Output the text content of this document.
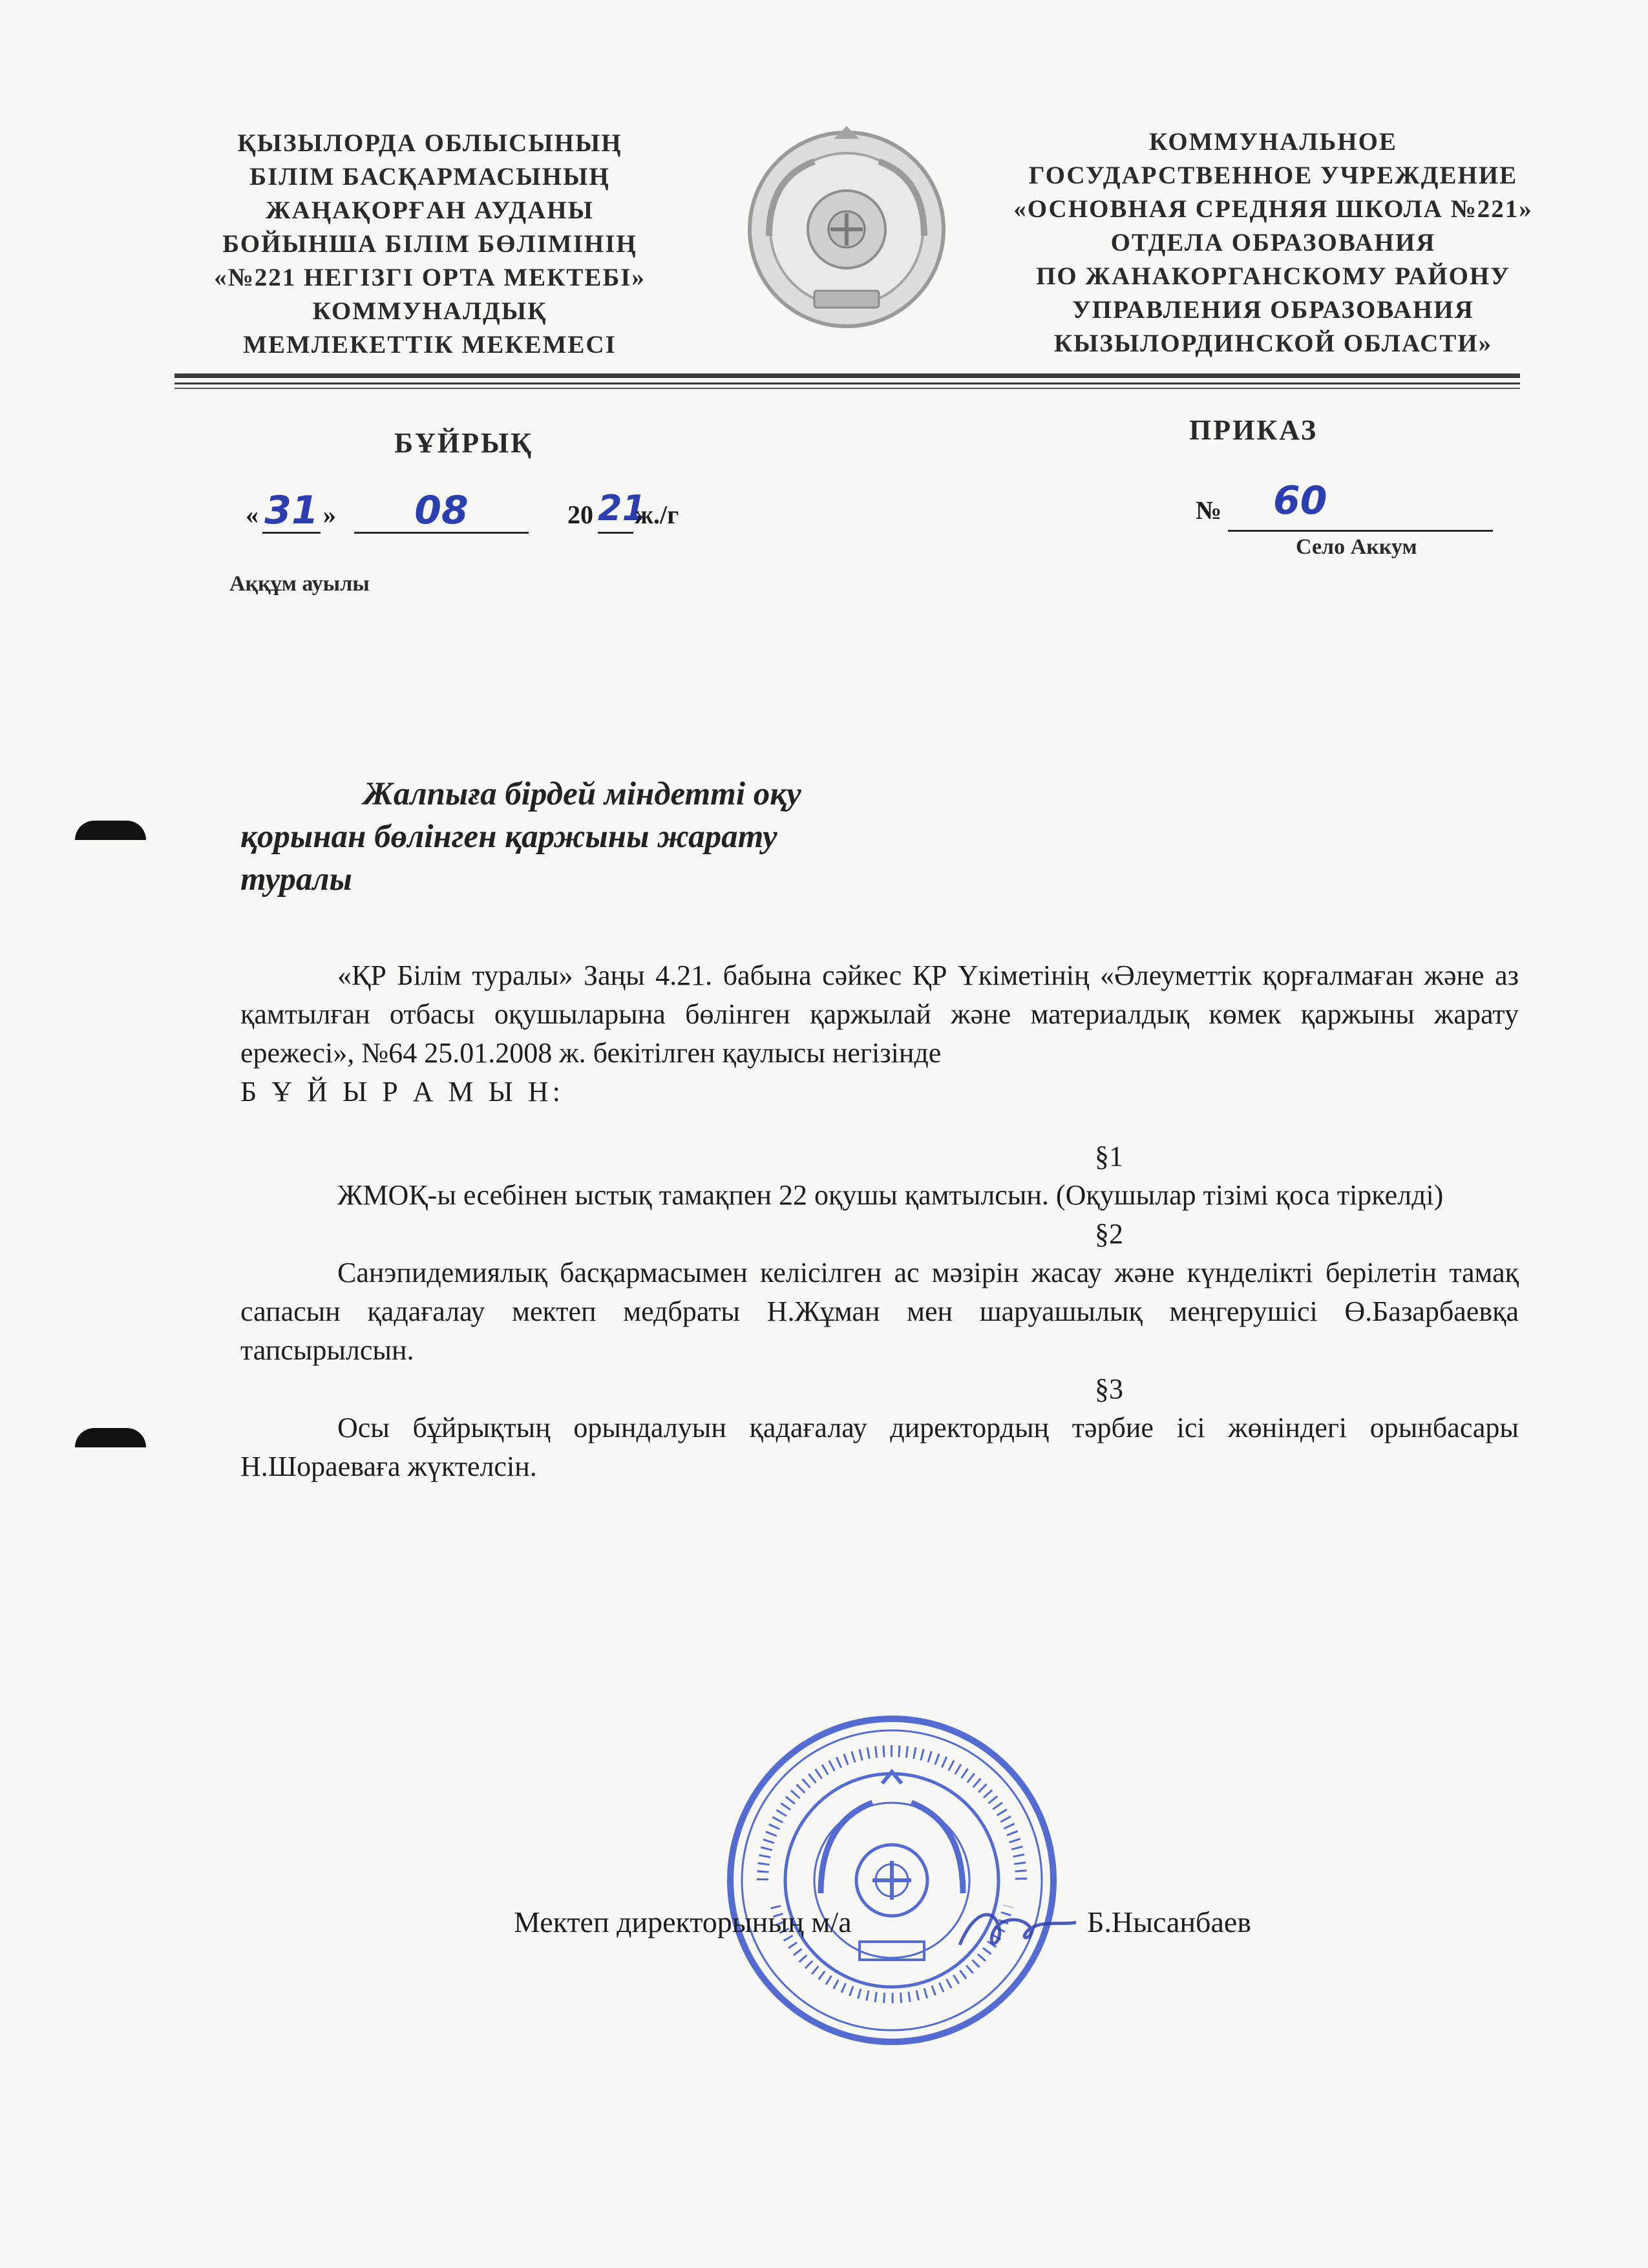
ҚЫЗЫЛОРДА ОБЛЫСЫНЫҢ
БІЛІМ БАСҚАРМАСЫНЫҢ
ЖАҢАҚОРҒАН АУДАНЫ
БОЙЫНША БІЛІМ БӨЛІМІНІҢ
«№221 НЕГІЗГІ ОРТА МЕКТЕБІ»
КОММУНАЛДЫҚ
МЕМЛЕКЕТТІК МЕКЕМЕСІ
КОММУНАЛЬНОЕ
ГОСУДАРСТВЕННОЕ УЧРЕЖДЕНИЕ
«ОСНОВНАЯ СРЕДНЯЯ ШКОЛА №221»
ОТДЕЛА ОБРАЗОВАНИЯ
ПО ЖАНАКОРГАНСКОМУ РАЙОНУ
УПРАВЛЕНИЯ ОБРАЗОВАНИЯ
КЫЗЫЛОРДИНСКОЙ ОБЛАСТИ»
БҰЙРЫҚ	ПРИКАЗ
« 31 »	08	20 21
ж./г	№ 60
Село Аккум
Аққұм ауылы
Жалпыға бірдей міндетті оқу
қорынан бөлінген қаржыны жарату
туралы

«ҚР Білім туралы» Заңы 4.21. бабына сәйкес ҚР Үкіметінің «Әлеуметтік қорғалмаған және аз қамтылған отбасы оқушыларына бөлінген қаржылай және материалдық көмек қаржыны жарату ережесі», №64 25.01.2008 ж. бекітілген қаулысы негізінде

Б Ұ Й Ы Р А М Ы Н:

§1

ЖМОҚ-ы есебінен ыстық тамақпен 22 оқушы қамтылсын. (Оқушылар тізімі қоса тіркелді)

§2

Санэпидемиялық басқармасымен келісілген ас мәзірін жасау және күнделікті берілетін тамақ сапасын қадағалау мектеп медбраты Н.Жұман мен шаруашылық меңгерушісі Ө.Базарбаевқа тапсырылсын.

§3

Осы бұйрықтың орындалуын қадағалау директордың тәрбие ісі жөніндегі орынбасары Н.Шораеваға жүктелсін.

Мектеп директорының м/а	Б.Нысанбаев
